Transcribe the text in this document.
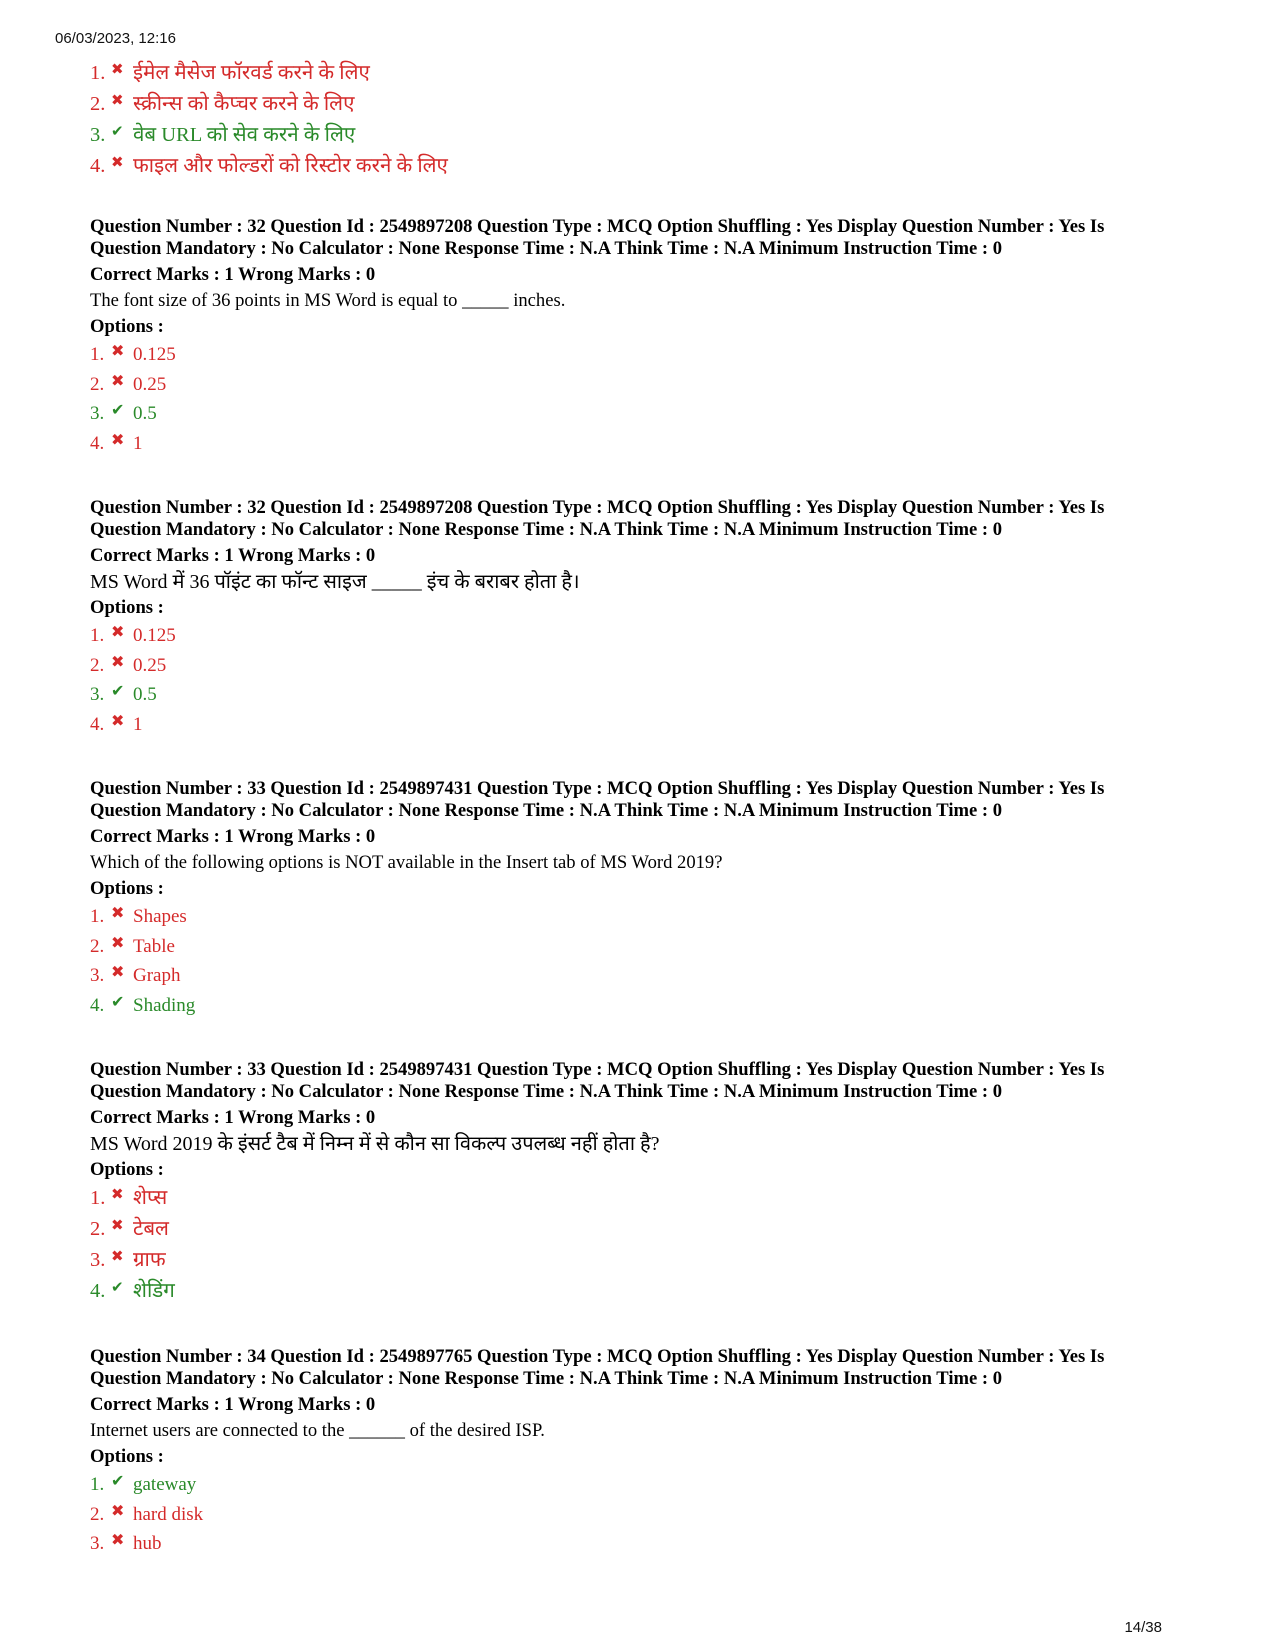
06/03/2023, 12:16
1. ✖ ईमेल मैसेज फॉरवर्ड करने के लिए
2. ✖ स्क्रीन्स को कैप्चर करने के लिए
3. ✔ वेब URL को सेव करने के लिए
4. ✖ फाइल और फोल्डरों को रिस्टोर करने के लिए
Question Number : 32 Question Id : 2549897208 Question Type : MCQ Option Shuffling : Yes Display Question Number : Yes Is
Question Mandatory : No Calculator : None Response Time : N.A Think Time : N.A Minimum Instruction Time : 0
Correct Marks : 1 Wrong Marks : 0
The font size of 36 points in MS Word is equal to _____ inches.
Options :
1. ✖ 0.125
2. ✖ 0.25
3. ✔ 0.5
4. ✖ 1
Question Number : 32 Question Id : 2549897208 Question Type : MCQ Option Shuffling : Yes Display Question Number : Yes Is
Question Mandatory : No Calculator : None Response Time : N.A Think Time : N.A Minimum Instruction Time : 0
Correct Marks : 1 Wrong Marks : 0
MS Word में 36 पॉइंट का फॉन्ट साइज _____ इंच के बराबर होता है।
Options :
1. ✖ 0.125
2. ✖ 0.25
3. ✔ 0.5
4. ✖ 1
Question Number : 33 Question Id : 2549897431 Question Type : MCQ Option Shuffling : Yes Display Question Number : Yes Is
Question Mandatory : No Calculator : None Response Time : N.A Think Time : N.A Minimum Instruction Time : 0
Correct Marks : 1 Wrong Marks : 0
Which of the following options is NOT available in the Insert tab of MS Word 2019?
Options :
1. ✖ Shapes
2. ✖ Table
3. ✖ Graph
4. ✔ Shading
Question Number : 33 Question Id : 2549897431 Question Type : MCQ Option Shuffling : Yes Display Question Number : Yes Is
Question Mandatory : No Calculator : None Response Time : N.A Think Time : N.A Minimum Instruction Time : 0
Correct Marks : 1 Wrong Marks : 0
MS Word 2019 के इंसर्ट टैब में निम्न में से कौन सा विकल्प उपलब्ध नहीं होता है?
Options :
1. ✖ शेप्स
2. ✖ टेबल
3. ✖ ग्राफ
4. ✔ शेडिंग
Question Number : 34 Question Id : 2549897765 Question Type : MCQ Option Shuffling : Yes Display Question Number : Yes Is
Question Mandatory : No Calculator : None Response Time : N.A Think Time : N.A Minimum Instruction Time : 0
Correct Marks : 1 Wrong Marks : 0
Internet users are connected to the ______ of the desired ISP.
Options :
1. ✔ gateway
2. ✖ hard disk
3. ✖ hub
14/38
